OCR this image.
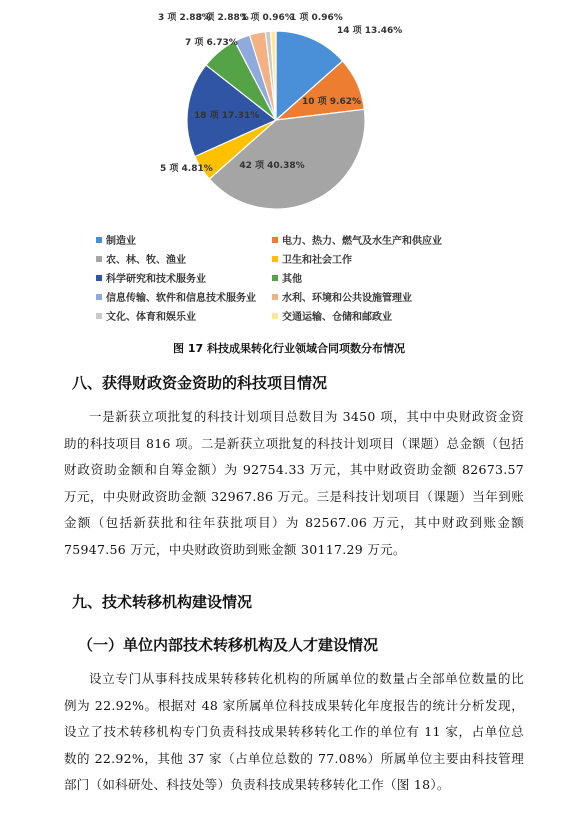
14 项 13.46%
10 项 9.62%
42 项 40.38%
5 项 4.81%
18 项 17.31%
7 项 6.73%
3 项 2.88%
3 项 2.88%
1 项 0.96%
1 项 0.96%
制造业	电力、热力、燃气及水生产和供应业
农、林、牧、渔业	卫生和社会工作
科学研究和技术服务业	其他
信息传输、软件和信息技术服务业	水利、环境和公共设施管理业
文化、体育和娱乐业	交通运输、仓储和邮政业
图 17 科技成果转化行业领域合同项数分布情况
八、获得财政资金资助的科技项目情况

一是新获立项批复的科技计划项目总数目为 3450 项，其中中央财政资金资助的科技项目 816 项。二是新获立项批复的科技计划项目（课题）总金额（包括财政资助金额和自筹金额）为 92754.33 万元，其中财政资助金额 82673.57 万元，中央财政资助金额 32967.86 万元。三是科技计划项目（课题）当年到账金额（包括新获批和往年获批项目）为 82567.06 万元，其中财政到账金额 75947.56 万元，中央财政资助到账金额 30117.29 万元。

九、技术转移机构建设情况
（一）单位内部技术转移机构及人才建设情况

设立专门从事科技成果转移转化机构的所属单位的数量占全部单位数量的比例为 22.92%。根据对 48 家所属单位科技成果转化年度报告的统计分析发现，设立了技术转移机构专门负责科技成果转移转化工作的单位有 11 家，占单位总数的 22.92%，其他 37 家（占单位总数的 77.08%）所属单位主要由科技管理部门（如科研处、科技处等）负责科技成果转移转化工作（图 18）。
